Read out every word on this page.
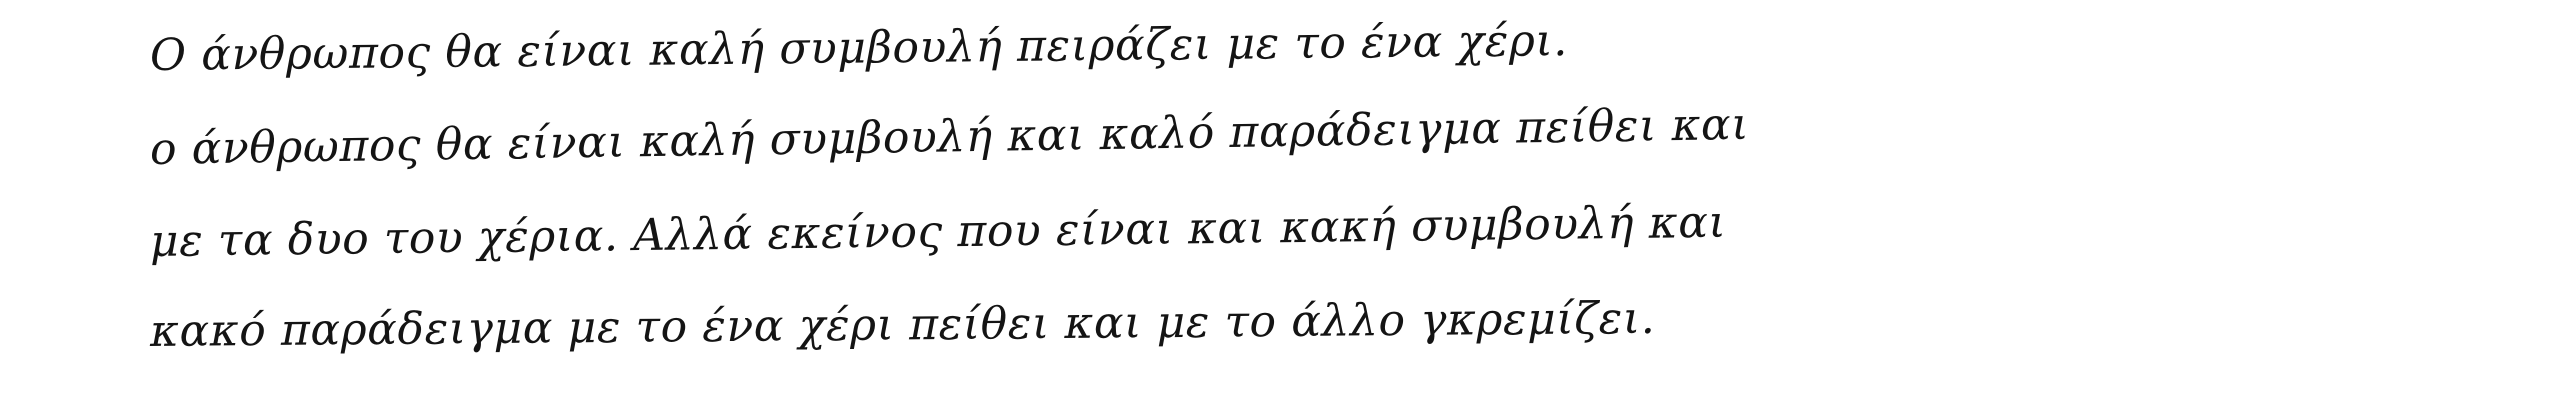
Ο άνθρωπος θα είναι καλή συμβουλή πειράζει με το ένα χέρι.
ο άνθρωπος θα είναι καλή συμβουλή και καλό παράδειγμα πείθει και
με τα δυο του χέρια. Αλλά εκείνος που είναι και κακή συμβουλή και
κακό παράδειγμα με το ένα χέρι πείθει και με το άλλο γκρεμίζει.
